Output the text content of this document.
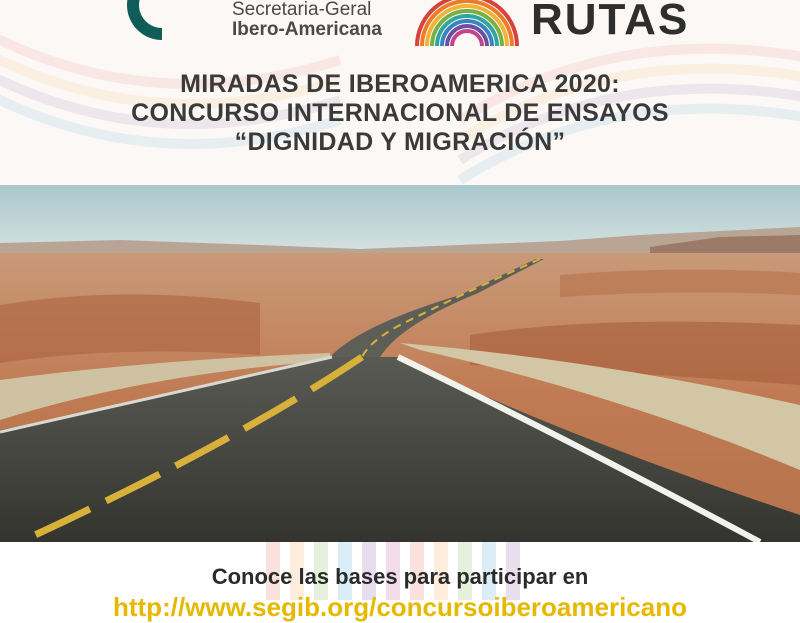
Secretaria-Geral
Ibero-Americana	RUTAS
MIRADAS DE IBEROAMERICA 2020:
CONCURSO INTERNACIONAL DE ENSAYOS
“DIGNIDAD Y MIGRACIÓN”
Conoce las bases para participar en
http://www.segib.org/concursoiberoamericano
